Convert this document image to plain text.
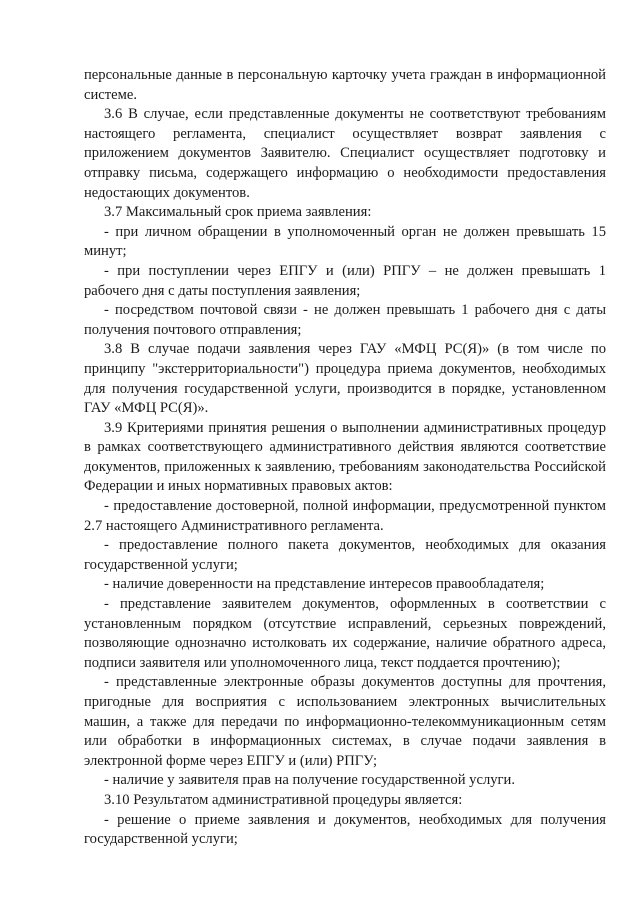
персональные данные в персональную карточку учета граждан в информационной системе.

3.6 В случае, если представленные документы не соответствуют требованиям настоящего регламента, специалист осуществляет возврат заявления с приложением документов Заявителю. Специалист осуществляет подготовку и отправку письма, содержащего информацию о необходимости предоставления недостающих документов.

3.7 Максимальный срок приема заявления:

- при личном обращении в уполномоченный орган не должен превышать 15 минут;

- при поступлении через ЕПГУ и (или) РПГУ – не должен превышать 1 рабочего дня с даты поступления заявления;

- посредством почтовой связи - не должен превышать 1 рабочего дня с даты получения почтового отправления;

3.8 В случае подачи заявления через ГАУ «МФЦ РС(Я)» (в том числе по принципу "экстерриториальности") процедура приема документов, необходимых для получения государственной услуги, производится в порядке, установленном ГАУ «МФЦ РС(Я)».

3.9 Критериями принятия решения о выполнении административных процедур в рамках соответствующего административного действия являются соответствие документов, приложенных к заявлению, требованиям законодательства Российской Федерации и иных нормативных правовых актов:

- предоставление достоверной, полной информации, предусмотренной пунктом 2.7 настоящего Административного регламента.

- предоставление полного пакета документов, необходимых для оказания государственной услуги;

- наличие доверенности на представление интересов правообладателя;

- представление заявителем документов, оформленных в соответствии с установленным порядком (отсутствие исправлений, серьезных повреждений, позволяющие однозначно истолковать их содержание, наличие обратного адреса, подписи заявителя или уполномоченного лица, текст поддается прочтению);

- представленные электронные образы документов доступны для прочтения, пригодные для восприятия с использованием электронных вычислительных машин, а также для передачи по информационно-телекоммуникационным сетям или обработки в информационных системах, в случае подачи заявления в электронной форме через ЕПГУ и (или) РПГУ;

- наличие у заявителя прав на получение государственной услуги.

3.10 Результатом административной процедуры является:

- решение о приеме заявления и документов, необходимых для получения государственной услуги;
